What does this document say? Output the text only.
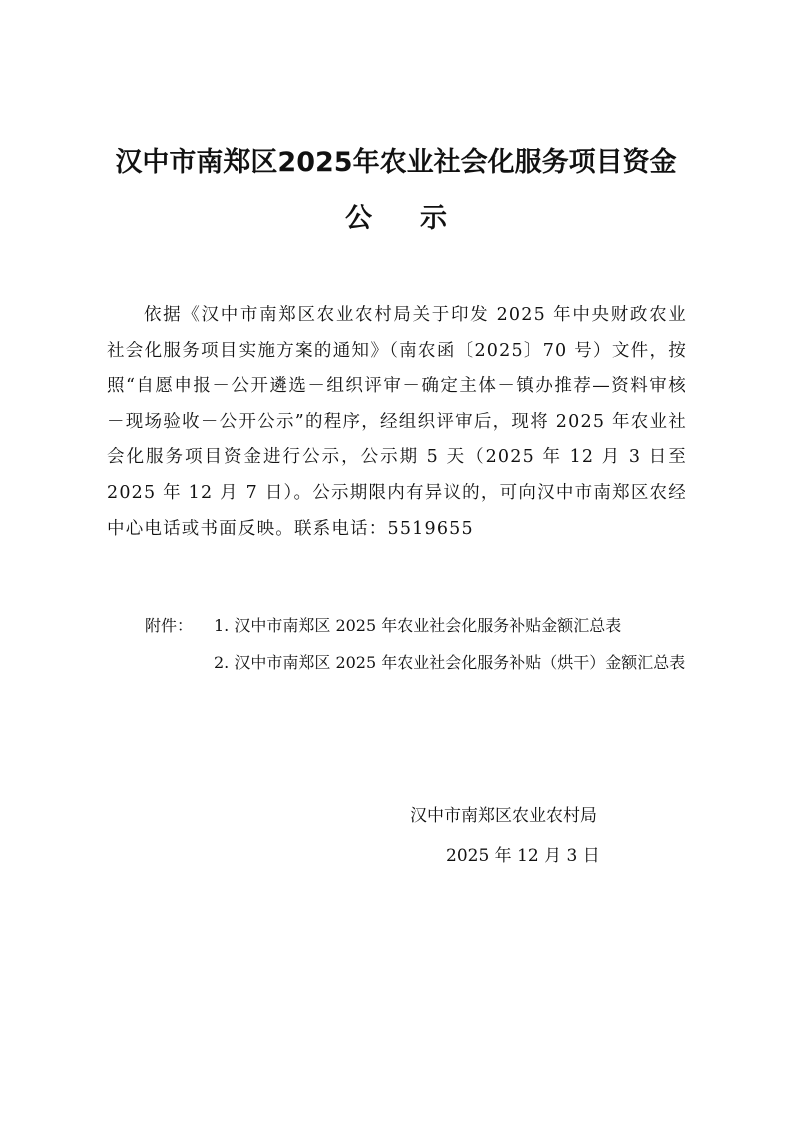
汉中市南郑区2025年农业社会化服务项目资金
公示
依据《汉中市南郑区农业农村局关于印发 2025 年中央财政农业社会化服务项目实施方案的通知》（南农函〔2025〕70 号）文件，按照“自愿申报－公开遴选－组织评审－确定主体－镇办推荐—资料审核－现场验收－公开公示”的程序，经组织评审后，现将 2025 年农业社会化服务项目资金进行公示，公示期 5 天（2025 年 12 月 3 日至 2025 年 12 月 7 日）。公示期限内有异议的，可向汉中市南郑区农经中心电话或书面反映。联系电话：5519655
附件： 1. 汉中市南郑区 2025 年农业社会化服务补贴金额汇总表
2. 汉中市南郑区 2025 年农业社会化服务补贴（烘干）金额汇总表
汉中市南郑区农业农村局
2025 年 12 月 3 日
